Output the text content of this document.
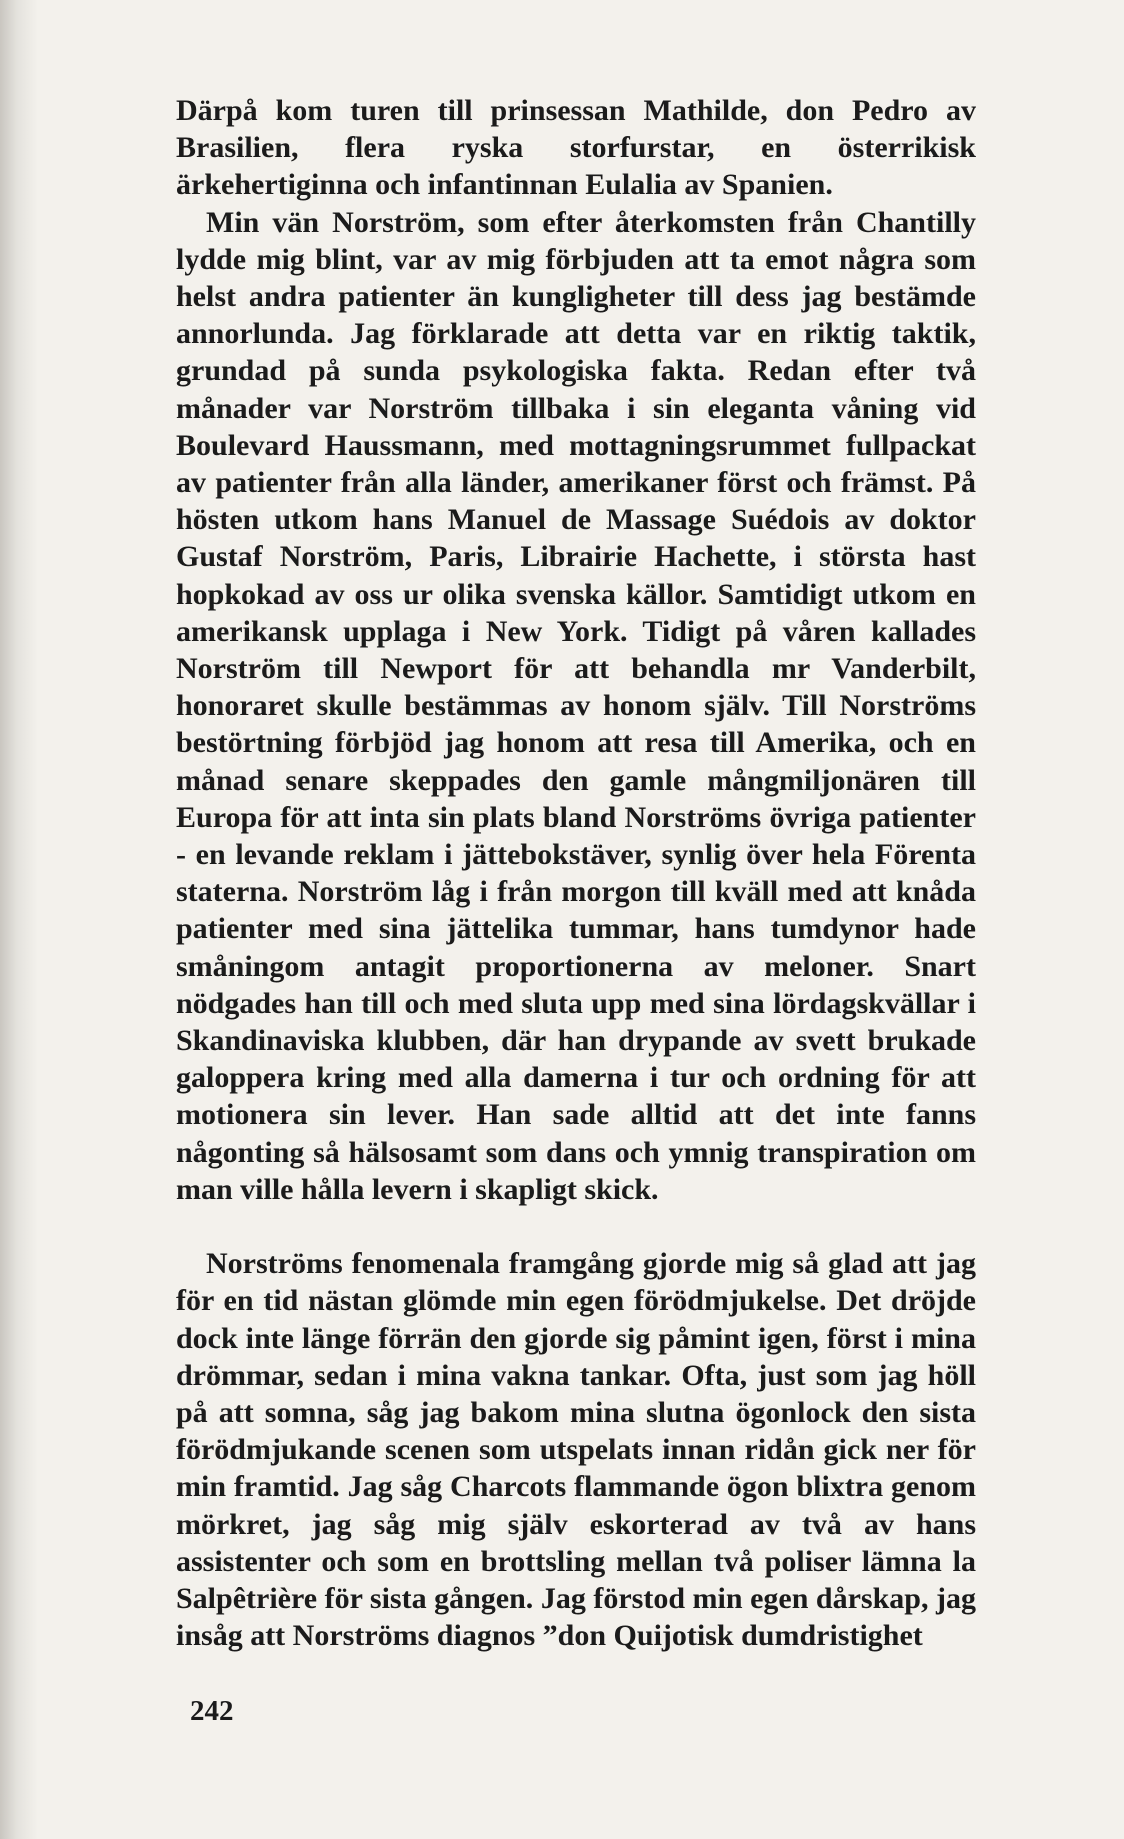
Därpå kom turen till prinsessan Mathilde, don Pedro av Brasilien, flera ryska storfurstar, en österrikisk ärkehertiginna och infantinnan Eulalia av Spanien.

Min vän Norström, som efter återkomsten från Chantilly lydde mig blint, var av mig förbjuden att ta emot några som helst andra patienter än kungligheter till dess jag bestämde annorlunda. Jag förklarade att detta var en riktig taktik, grundad på sunda psykologiska fakta. Redan efter två månader var Norström tillbaka i sin eleganta våning vid Boulevard Haussmann, med mottagningsrummet fullpackat av patienter från alla länder, amerikaner först och främst. På hösten utkom hans Manuel de Massage Suédois av doktor Gustaf Norström, Paris, Librairie Hachette, i största hast hopkokad av oss ur olika svenska källor. Samtidigt utkom en amerikansk upplaga i New York. Tidigt på våren kallades Norström till Newport för att behandla mr Vanderbilt, honoraret skulle bestämmas av honom själv. Till Norströms bestörtning förbjöd jag honom att resa till Amerika, och en månad senare skeppades den gamle mångmiljonären till Europa för att inta sin plats bland Norströms övriga patienter - en levande reklam i jättebokstäver, synlig över hela Förenta staterna. Norström låg i från morgon till kväll med att knåda patienter med sina jättelika tummar, hans tumdynor hade småningom antagit proportionerna av meloner. Snart nödgades han till och med sluta upp med sina lördagskvällar i Skandinaviska klubben, där han drypande av svett brukade galoppera kring med alla damerna i tur och ordning för att motionera sin lever. Han sade alltid att det inte fanns någonting så hälsosamt som dans och ymnig transpiration om man ville hålla levern i skapligt skick.

Norströms fenomenala framgång gjorde mig så glad att jag för en tid nästan glömde min egen förödmjukelse. Det dröjde dock inte länge förrän den gjorde sig påmint igen, först i mina drömmar, sedan i mina vakna tankar. Ofta, just som jag höll på att somna, såg jag bakom mina slutna ögonlock den sista förödmjukande scenen som utspelats innan ridån gick ner för min framtid. Jag såg Charcots flammande ögon blixtra genom mörkret, jag såg mig själv eskorterad av två av hans assistenter och som en brottsling mellan två poliser lämna la Salpêtrière för sista gången. Jag förstod min egen dårskap, jag insåg att Norströms diagnos ”don Quijotisk dumdristighet

242
